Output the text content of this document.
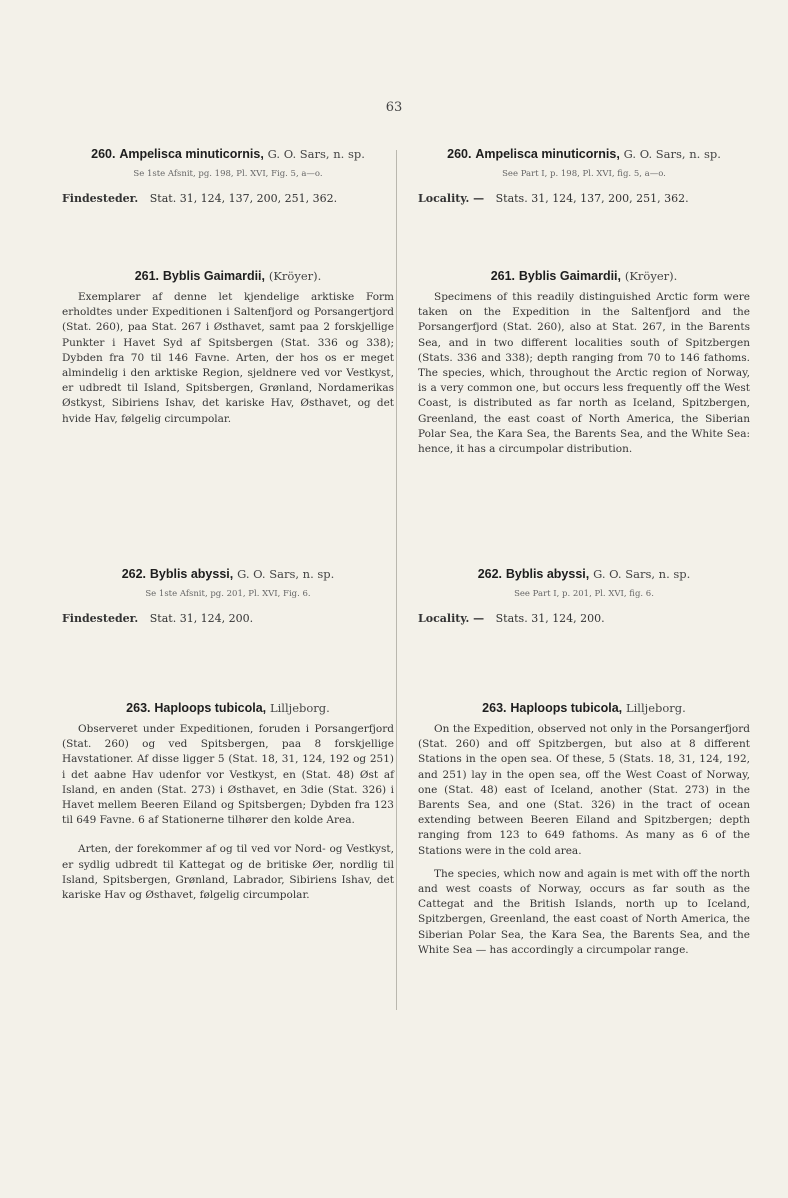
63

260. Ampelisca minuticornis, G. O. Sars, n. sp.

Se 1ste Afsnit, pg. 198, Pl. XVI, Fig. 5, a—o.

Findesteder. Stat. 31, 124, 137, 200, 251, 362.

261. Byblis Gaimardii, (Kröyer).

Exemplarer af denne let kjendelige arktiske Form erholdtes under Expeditionen i Saltenfjord og Porsangertjord (Stat. 260), paa Stat. 267 i Østhavet, samt paa 2 forskjellige Punkter i Havet Syd af Spitsbergen (Stat. 336 og 338); Dybden fra 70 til 146 Favne. Arten, der hos os er meget almindelig i den arktiske Region, sjeldnere ved vor Vestkyst, er udbredt til Island, Spitsbergen, Grønland, Nordamerikas Østkyst, Sibiriens Ishav, det kariske Hav, Østhavet, og det hvide Hav, følgelig circumpolar.

262. Byblis abyssi, G. O. Sars, n. sp.

Se 1ste Afsnit, pg. 201, Pl. XVI, Fig. 6.

Findesteder. Stat. 31, 124, 200.

263. Haploops tubicola, Lilljeborg.

Observeret under Expeditionen, foruden i Porsangerfjord (Stat. 260) og ved Spitsbergen, paa 8 forskjellige Havstationer. Af disse ligger 5 (Stat. 18, 31, 124, 192 og 251) i det aabne Hav udenfor vor Vestkyst, en (Stat. 48) Øst af Island, en anden (Stat. 273) i Østhavet, en 3die (Stat. 326) i Havet mellem Beeren Eiland og Spitsbergen; Dybden fra 123 til 649 Favne. 6 af Stationerne tilhører den kolde Area.

Arten, der forekommer af og til ved vor Nord- og Vestkyst, er sydlig udbredt til Kattegat og de britiske Øer, nordlig til Island, Spitsbergen, Grønland, Labrador, Sibiriens Ishav, det kariske Hav og Østhavet, følgelig circumpolar.

260. Ampelisca minuticornis, G. O. Sars, n. sp.

See Part I, p. 198, Pl. XVI, fig. 5, a—o.

Locality. — Stats. 31, 124, 137, 200, 251, 362.

261. Byblis Gaimardii, (Kröyer).

Specimens of this readily distinguished Arctic form were taken on the Expedition in the Saltenfjord and the Porsangerfjord (Stat. 260), also at Stat. 267, in the Barents Sea, and in two different localities south of Spitzbergen (Stats. 336 and 338); depth ranging from 70 to 146 fathoms. The species, which, throughout the Arctic region of Norway, is a very common one, but occurs less frequently off the West Coast, is distributed as far north as Iceland, Spitzbergen, Greenland, the east coast of North America, the Siberian Polar Sea, the Kara Sea, the Barents Sea, and the White Sea: hence, it has a circumpolar distribution.

262. Byblis abyssi, G. O. Sars, n. sp.

See Part I, p. 201, Pl. XVI, fig. 6.

Locality. — Stats. 31, 124, 200.

263. Haploops tubicola, Lilljeborg.

On the Expedition, observed not only in the Porsangerfjord (Stat. 260) and off Spitzbergen, but also at 8 different Stations in the open sea. Of these, 5 (Stats. 18, 31, 124, 192, and 251) lay in the open sea, off the West Coast of Norway, one (Stat. 48) east of Iceland, another (Stat. 273) in the Barents Sea, and one (Stat. 326) in the tract of ocean extending between Beeren Eiland and Spitzbergen; depth ranging from 123 to 649 fathoms. As many as 6 of the Stations were in the cold area.

The species, which now and again is met with off the north and west coasts of Norway, occurs as far south as the Cattegat and the British Islands, north up to Iceland, Spitzbergen, Greenland, the east coast of North America, the Siberian Polar Sea, the Kara Sea, the Barents Sea, and the White Sea — has accordingly a circumpolar range.
